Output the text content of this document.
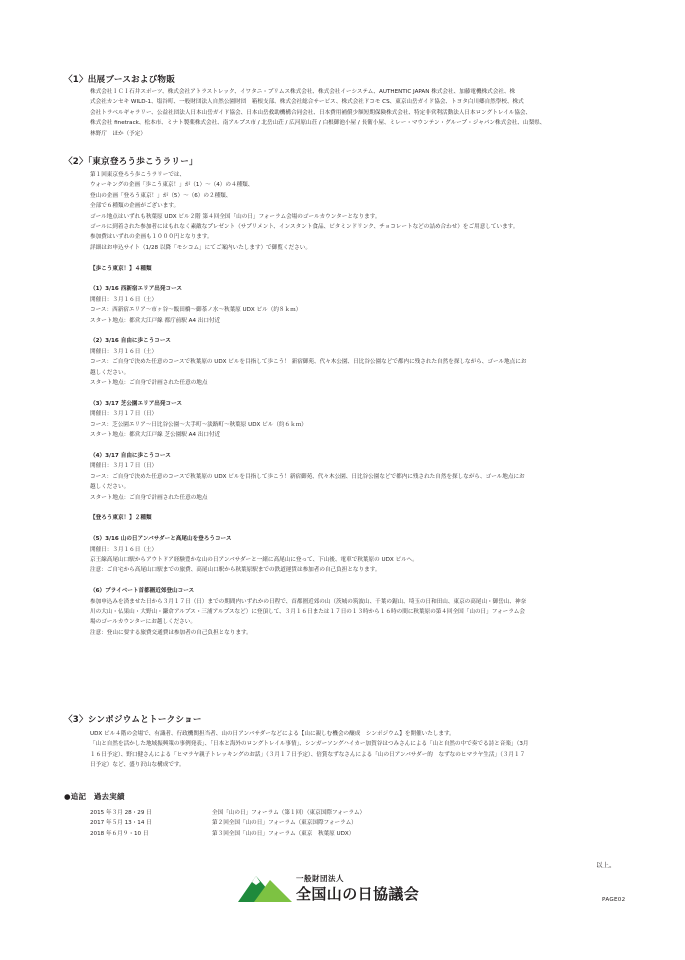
〈1〉出展ブースおよび物販

株式会社ＩＣＩ石井スポーツ、株式会社アトラストレック、イワタニ・プリムス株式会社、株式会社イーシステム、AUTHENTIC JAPAN 株式会社、加藤電機株式会社、株

式会社カンセキ WILD-1、塩谷町、一般財団法人自然公園財団　箱根支部、株式会社総合サービス、株式会社ドコモ CS、東京山岳ガイド協会、トヨタ白川郷自然學校、株式

会社トラベルギャラリー、公益社団法人日本山岳ガイド協会、日本山岳救助機構合同会社、日本費用補償少額短期保険株式会社、特定非営利活動法人日本ロングトレイル協会、

株式会社 finetrack、松本市、ミナト製薬株式会社、南アルプス市 / 北岳山荘 / 広河原山荘 / 白根御池小屋 / 長衛小屋、ミレー・マウンテン・グループ・ジャパン株式会社、山梨県、

林野庁　ほか（予定）

〈2〉「東京登ろう歩こうラリー」

第１回東京登ろう歩こうラリーでは、

ウォーキングの企画「歩こう東京！」が（1）〜（4）の４種類、

登山の企画「登ろう東京！」が（5）〜（6）の２種類、

全部で６種類の企画がございます。

ゴール地点はいずれも秋葉原 UDX ビル２階 第４回全国「山の日」フォーラム会場のゴールカウンターとなります。

ゴールに到着された参加者にはもれなく素敵なプレゼント（サプリメント、インスタント食品、ビタミンドリンク、チョコレートなどの詰め合わせ）をご用意しています。

参加費はいずれの企画も１０００円となります。

詳細はお申込サイト（1/28 以降「モシコム」にてご案内いたします）で御覧ください。

【歩こう東京！】４種類

（1）3/16 西新宿エリア出発コース

開催日：３月１６日（土）

コース：西新宿エリア〜市ヶ谷〜飯田橋〜御茶ノ水〜秋葉原 UDX ビル（約８ｋｍ）

スタート地点：都営大江戸線 都庁前駅 A4 出口付近

（2）3/16 自由に歩こうコース

開催日：３月１６日（土）

コース：ご自身で決めた任意のコースで秋葉原の UDX ビルを目指して歩こう！ 新宿御苑、代々木公園、日比谷公園などで都内に残された自然を探しながら、ゴール地点にお

越しください。

スタート地点：ご自身で計画された任意の地点

（3）3/17 芝公園エリア出発コース

開催日：３月１７日（日）

コース：芝公園エリア〜日比谷公園〜大手町〜淡路町〜秋葉原 UDX ビル（約６ｋｍ）

スタート地点：都営大江戸線 芝公園駅 A4 出口付近

（4）3/17 自由に歩こうコース

開催日：３月１７日（日）

コース：ご自身で決めた任意のコースで秋葉原の UDX ビルを目指して歩こう！新宿御苑、代々木公園、日比谷公園などで都内に残された自然を探しながら、ゴール地点にお

越しください。

スタート地点：ご自身で計画された任意の地点

【登ろう東京！】２種類

（5）3/16 山の日アンバサダーと高尾山を登ろうコース

開催日：３月１６日（土）

京王線高尾山口駅からアウトドア経験豊かな山の日アンバサダーと一緒に高尾山に登って、下山後、電車で秋葉原の UDX ビルへ。

注意：ご自宅から高尾山口駅までの旅費、高尾山口駅から秋葉原駅までの鉄道運賃は参加者の自己負担となります。

（6）プライベート首都圏近郊登山コース

参加申込みを済ませた日から３月１７日（日）までの期間内いずれかの日程で、首都圏近郊の山（茨城の筑波山、千葉の鋸山、埼玉の日和田山、東京の高尾山・御岳山、神奈

川の大山・仏果山・大野山・鎌倉アルプス・三浦アルプスなど）に登頂して、３月１６日または１７日の１３時から１６時の間に秋葉原の第４回全国「山の日」フォーラム会

場のゴールカウンターにお越しください。

注意：登山に要する旅費交通費は参加者の自己負担となります。

〈3〉シンポジウムとトークショー

UDX ビル４階の会場で、有識者、行政機関担当者、山の日アンバサダーなどによる【山に親しむ機会の醸成　シンポジウム】を開催いたします。

「山と自然を活かした地域振興策の事例発表」、「日本と海外のロングトレイル事情」、シンガーソングハイカー加賀谷はつみさんによる「山と自然の中で奏でる詩と音楽」（3月

１６日予定）、野口健さんによる「ヒマラヤ親子トレッキングのお話」（３月１７日予定）、倍賞なずなさんによる「山の日アンバサダー的　なずなのヒマラヤ生活」（３月１７

日予定）など、盛り沢山な構成です。

●追記　過去実績
2015 年３月 28・29 日	全国「山の日」フォーラム（第１回）（東京国際フォーラム）
2017 年５月 13・14 日	第２回全国「山の日」フォーラム（東京国際フォーラム）
2018 年６月９・10 日	第３回全国「山の日」フォーラム（東京　秋葉原 UDX）
以上。
一般財団法人
全国山の日協議会	PAGE02
